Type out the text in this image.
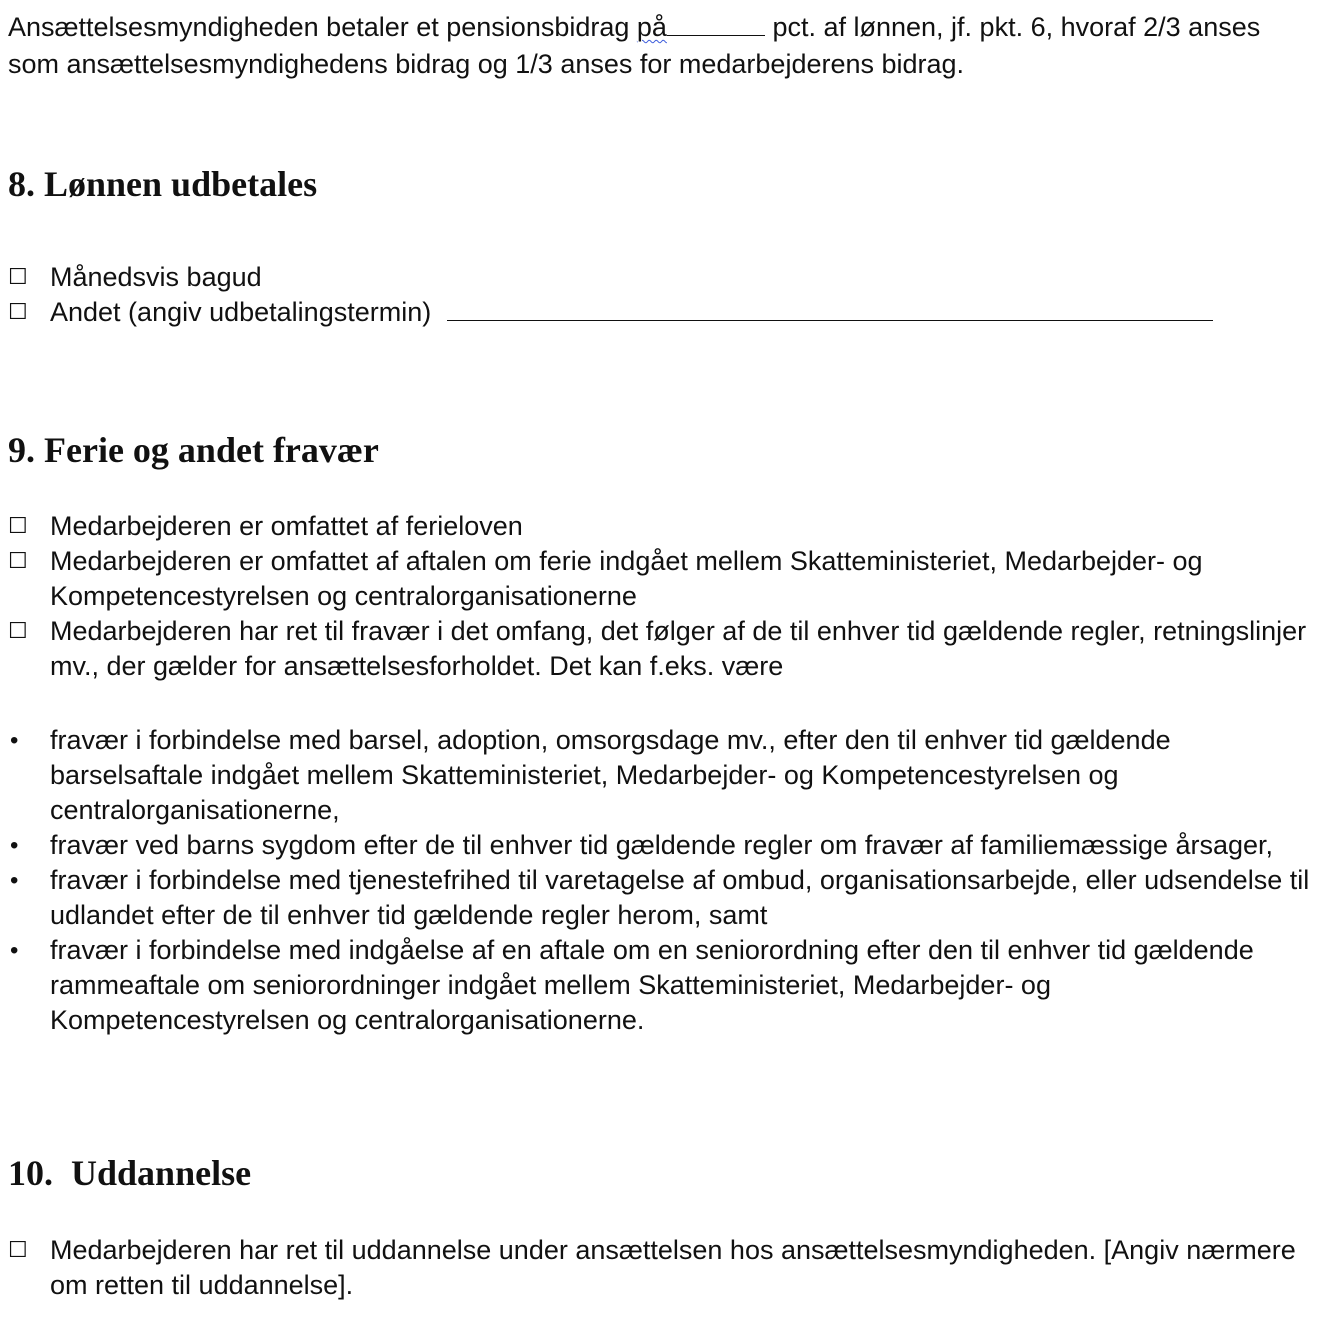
Ansættelsesmyndigheden betaler et pensionsbidrag på	pct. af lønnen, jf. pkt. 6, hvoraf 2/3 anses som ansættelsesmyndighedens bidrag og 1/3 anses for medarbejderens bidrag.

8. Lønnen udbetales
☐ Månedsvis bagud
☐ Andet (angiv udbetalingstermin)
9. Ferie og andet fravær
☐ Medarbejderen er omfattet af ferieloven
☐ Medarbejderen er omfattet af aftalen om ferie indgået mellem Skatteministeriet, Medarbejder- og Kompetencestyrelsen og centralorganisationerne
☐ Medarbejderen har ret til fravær i det omfang, det følger af de til enhver tid gældende regler, retningslinjer mv., der gælder for ansættelsesforholdet. Det kan f.eks. være
• fravær i forbindelse med barsel, adoption, omsorgsdage mv., efter den til enhver tid gældende barselsaftale indgået mellem Skatteministeriet, Medarbejder- og Kompetencestyrelsen og centralorganisationerne,
• fravær ved barns sygdom efter de til enhver tid gældende regler om fravær af familiemæssige årsager,
• fravær i forbindelse med tjenestefrihed til varetagelse af ombud, organisationsarbejde, eller udsendelse til udlandet efter de til enhver tid gældende regler herom, samt
• fravær i forbindelse med indgåelse af en aftale om en seniorordning efter den til enhver tid gældende rammeaftale om seniorordninger indgået mellem Skatteministeriet, Medarbejder- og Kompetencestyrelsen og centralorganisationerne.
10. Uddannelse
☐ Medarbejderen har ret til uddannelse under ansættelsen hos ansættelsesmyndigheden. [Angiv nærmere om retten til uddannelse].
